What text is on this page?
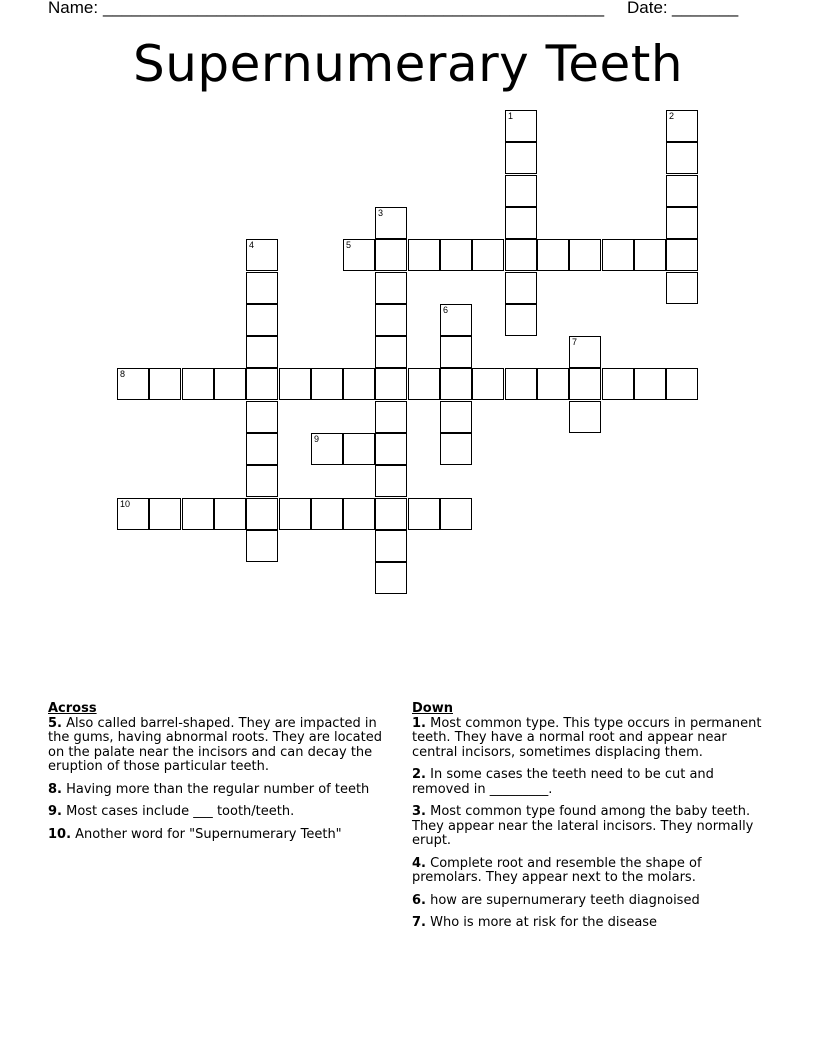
Name: _____________________________________________________ Date: _______
Supernumerary Teeth
1	2
3
4	5
6
7
8
9
10
Across
5. Also called barrel-shaped. They are impacted in the gums, having abnormal roots. They are located on the palate near the incisors and can decay the eruption of those particular teeth.
8. Having more than the regular number of teeth
9. Most cases include ___ tooth/teeth.
10. Another word for "Supernumerary Teeth"
Down
1. Most common type. This type occurs in permanent teeth. They have a normal root and appear near central incisors, sometimes displacing them.
2. In some cases the teeth need to be cut and removed in _________.
3. Most common type found among the baby teeth. They appear near the lateral incisors. They normally erupt.
4. Complete root and resemble the shape of premolars. They appear next to the molars.
6. how are supernumerary teeth diagnoised
7. Who is more at risk for the disease
